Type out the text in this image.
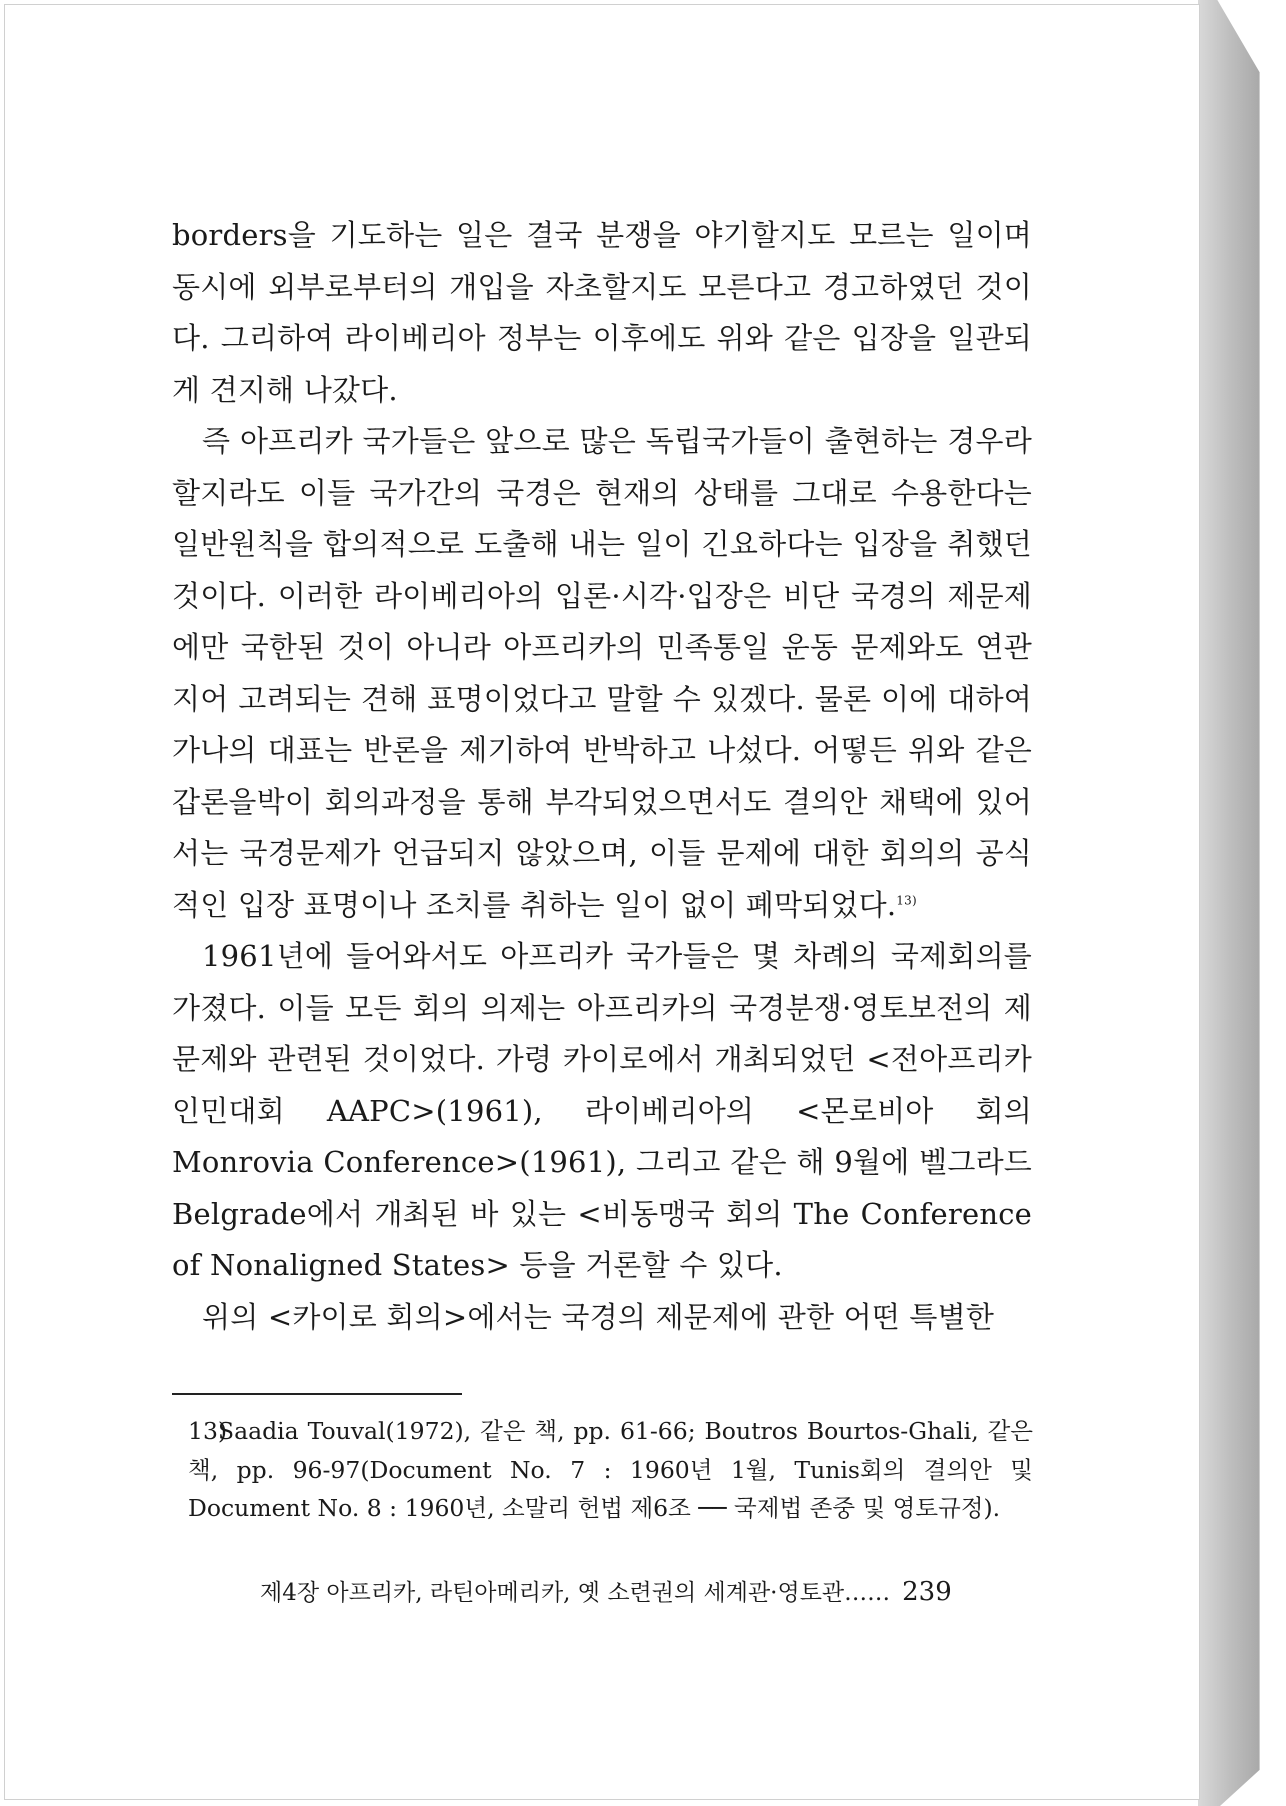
borders을 기도하는 일은 결국 분쟁을 야기할지도 모르는 일이며 동시에 외부로부터의 개입을 자초할지도 모른다고 경고하였던 것이다. 그리하여 라이베리아 정부는 이후에도 위와 같은 입장을 일관되게 견지해 나갔다.

즉 아프리카 국가들은 앞으로 많은 독립국가들이 출현하는 경우라 할지라도 이들 국가간의 국경은 현재의 상태를 그대로 수용한다는 일반원칙을 합의적으로 도출해 내는 일이 긴요하다는 입장을 취했던 것이다. 이러한 라이베리아의 입론·시각·입장은 비단 국경의 제문제에만 국한된 것이 아니라 아프리카의 민족통일 운동 문제와도 연관지어 고려되는 견해 표명이었다고 말할 수 있겠다. 물론 이에 대하여 가나의 대표는 반론을 제기하여 반박하고 나섰다. 어떻든 위와 같은 갑론을박이 회의과정을 통해 부각되었으면서도 결의안 채택에 있어서는 국경문제가 언급되지 않았으며, 이들 문제에 대한 회의의 공식적인 입장 표명이나 조치를 취하는 일이 없이 폐막되었다.$^{13)}$

1961년에 들어와서도 아프리카 국가들은 몇 차례의 국제회의를 가졌다. 이들 모든 회의 의제는 아프리카의 국경분쟁·영토보전의 제문제와 관련된 것이었다. 가령 카이로에서 개최되었던 <전아프리카 인민대회 AAPC>(1961), 라이베리아의 <몬로비아 회의 Monrovia Conference>(1961), 그리고 같은 해 9월에 벨그라드 Belgrade에서 개최된 바 있는 <비동맹국 회의 The Conference of Nonaligned States> 등을 거론할 수 있다.

위의 <카이로 회의>에서는 국경의 제문제에 관한 어떤 특별한

13)Saadia Touval(1972), 같은 책, pp. 61-66; Boutros Bourtos-Ghali, 같은 책, pp. 96-97(Document No. 7 : 1960년 1월, Tunis회의 결의안 및 Document No. 8 : 1960년, 소말리 헌법 제6조 ── 국제법 존중 및 영토규정).
제4장 아프리카, 라틴아메리카, 옛 소련권의 세계관·영토관…… 239
